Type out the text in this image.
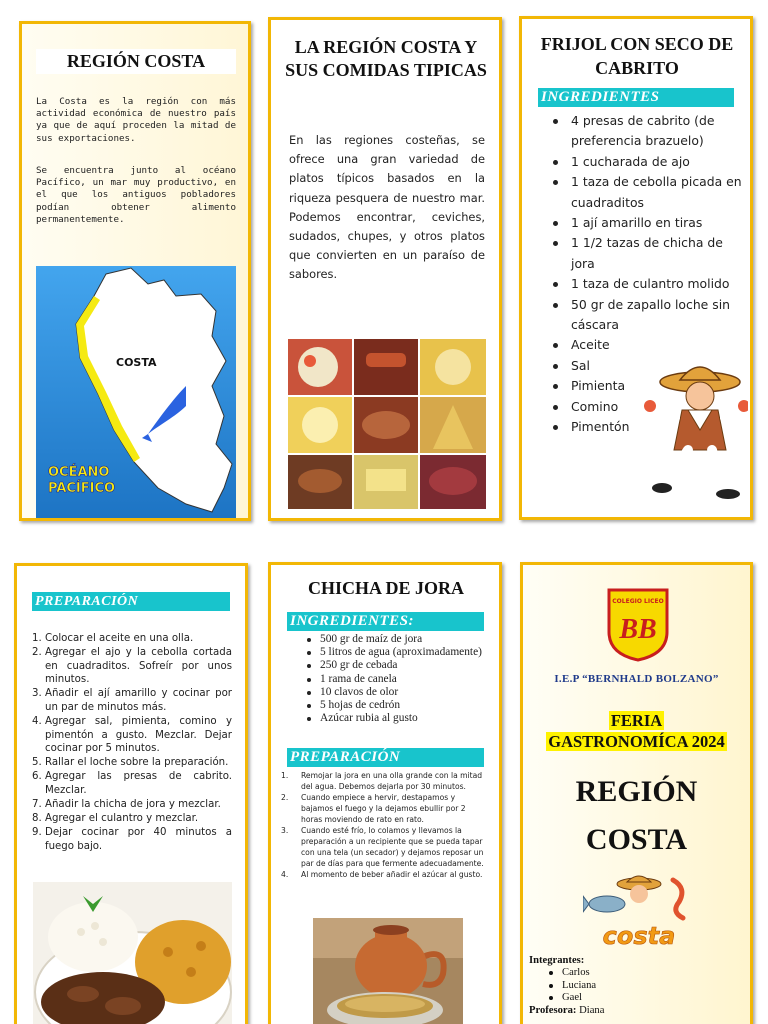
REGIÓN COSTA

La Costa es la región con más actividad económica de nuestro país ya que de aquí proceden la mitad de sus exportaciones.

Se encuentra junto al océano Pacífico, un mar muy productivo, en el que los antiguos pobladores podían obtener alimento permanentemente.

COSTA
OCÉANO
PACÍFICO
LA REGIÓN COSTA Y SUS COMIDAS TIPICAS

En las regiones costeñas, se ofrece una gran variedad de platos típicos basados en la riqueza pesquera de nuestro mar. Podemos encontrar, ceviches, sudados, chupes, y otros platos que convierten en un paraíso de sabores.

FRIJOL CON SECO DE CABRITO
INGREDIENTES
4 presas de cabrito (de preferencia brazuelo)
1 cucharada de ajo
1 taza de cebolla picada en cuadraditos
1 ají amarillo en tiras
1 1/2 tazas de chicha de jora
1 taza de culantro molido
50 gr de zapallo loche sin cáscara
Aceite
Sal
Pimienta
Comino
Pimentón
PREPARACIÓN
1. Colocar el aceite en una olla.
2. Agregar el ajo y la cebolla cortada en cuadraditos. Sofreír por unos minutos.
3. Añadir el ají amarillo y cocinar por un par de minutos más.
4. Agregar sal, pimienta, comino y pimentón a gusto. Mezclar. Dejar cocinar por 5 minutos.
5. Rallar el loche sobre la preparación.
6. Agregar las presas de cabrito. Mezclar.
7. Añadir la chicha de jora y mezclar.
8. Agregar el culantro y mezclar.
9. Dejar cocinar por 40 minutos a fuego bajo.
CHICHA DE JORA
INGREDIENTES:
500 gr de maíz de jora
5 litros de agua (aproximadamente)
250 gr de cebada
1 rama de canela
10 clavos de olor
5 hojas de cedrón
Azúcar rubia al gusto
PREPARACIÓN
1. Remojar la jora en una olla grande con la mitad del agua. Debemos dejarla por 30 minutos.
2. Cuando empiece a hervir, destapamos y bajamos el fuego y la dejamos ebullir por 2 horas moviendo de rato en rato.
3. Cuando esté frío, lo colamos y llevamos la preparación a un recipiente que se pueda tapar con una tela (un secador) y dejamos reposar un par de días para que fermente adecuadamente.
4. Al momento de beber añadir el azúcar al gusto.
COLEGIO LICEO
BB
I.E.P “BERNHALD BOLZANO”
FERIA
GASTRONOMÍCA 2024
REGIÓN
COSTA
costa
Integrantes:
Carlos
Luciana
Gael
Profesora: Diana
